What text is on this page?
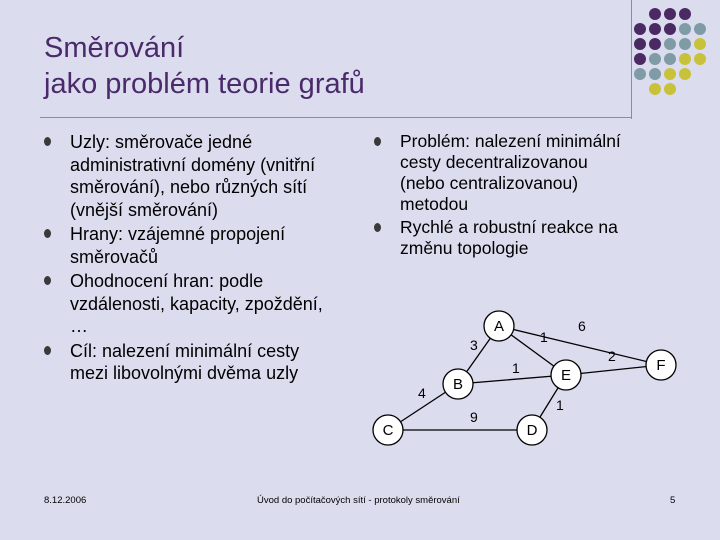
Směrování
jako problém teorie grafů
Uzly: směrovače jedné
administrativní domény (vnitřní
směrování), nebo různých sítí
(vnější směrování)
Hrany: vzájemné propojení
směrovačů
Ohodnocení hran: podle
vzdálenosti, kapacity, zpoždění,
…
Cíl: nalezení minimální cesty
mezi libovolnými dvěma uzly
Problém: nalezení minimální
cesty decentralizovanou
(nebo centralizovanou)
metodou
Rychlé a robustní reakce na
změnu topologie
6
3	1
1
2
4
9
1
A
B
C	D
E
F
8.12.2006	Úvod do počítačových sítí - protokoly směrování	5
